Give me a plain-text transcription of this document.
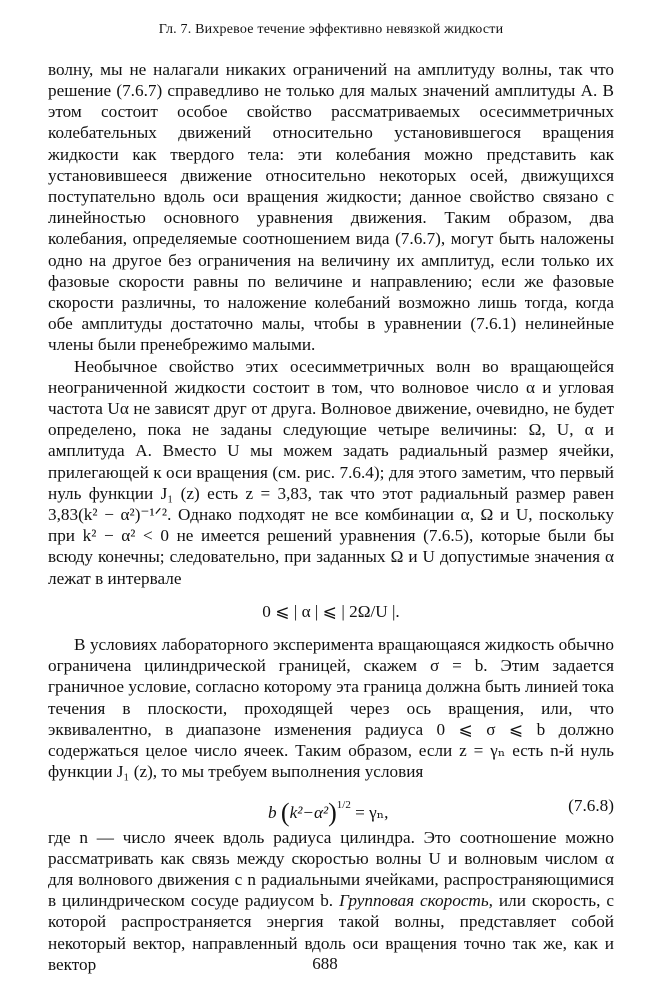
Гл. 7. Вихревое течение эффективно невязкой жидкости

волну, мы не налагали никаких ограничений на амплитуду волны, так что решение (7.6.7) справедливо не только для малых значений амплитуды A. В этом состоит особое свойство рассматриваемых осесимметричных колебательных движений относительно установившегося вращения жидкости как твердого тела: эти колебания можно представить как установившееся движение относительно некоторых осей, движущихся поступательно вдоль оси вращения жидкости; данное свойство связано с линейностью основного уравнения движения. Таким образом, два колебания, определяемые соотношением вида (7.6.7), могут быть наложены одно на другое без ограничения на величину их амплитуд, если только их фазовые скорости равны по величине и направлению; если же фазовые скорости различны, то наложение колебаний возможно лишь тогда, когда обе амплитуды достаточно малы, чтобы в уравнении (7.6.1) нелинейные члены были пренебрежимо малыми.

Необычное свойство этих осесимметричных волн во вращающейся неограниченной жидкости состоит в том, что волновое число α и угловая частота Uα не зависят друг от друга. Волновое движение, очевидно, не будет определено, пока не заданы следующие четыре величины: Ω, U, α и амплитуда A. Вместо U мы можем задать радиальный размер ячейки, прилегающей к оси вращения (см. рис. 7.6.4); для этого заметим, что первый нуль функции J₁ (z) есть z = 3,83, так что этот радиальный размер равен 3,83(k² − α²)⁻¹ᐟ². Однако подходят не все комбинации α, Ω и U, поскольку при k² − α² < 0 не имеется решений уравнения (7.6.5), которые были бы всюду конечны; следовательно, при заданных Ω и U допустимые значения α лежат в интервале

0 ⩽ | α | ⩽ | 2Ω/U |.

В условиях лабораторного эксперимента вращающаяся жидкость обычно ограничена цилиндрической границей, скажем σ = b. Этим задается граничное условие, согласно которому эта граница должна быть линией тока течения в плоскости, проходящей через ось вращения, или, что эквивалентно, в диапазоне изменения радиуса 0 ⩽ σ ⩽ b должно содержаться целое число ячеек. Таким образом, если z = γₙ есть n-й нуль функции J₁ (z), то мы требуем выполнения условия

b $(k^2-\alpha^2)^{1/2} = \gamma_n$,	(7.6.8)

где n — число ячеек вдоль радиуса цилиндра. Это соотношение можно рассматривать как связь между скоростью волны U и волновым числом α для волнового движения с n радиальными ячейками, распространяющимися в цилиндрическом сосуде радиусом b. Групповая скорость, или скорость, с которой распространяется энергия такой волны, представляет собой некоторый вектор, направленный вдоль оси вращения точно так же, как и вектор	688
